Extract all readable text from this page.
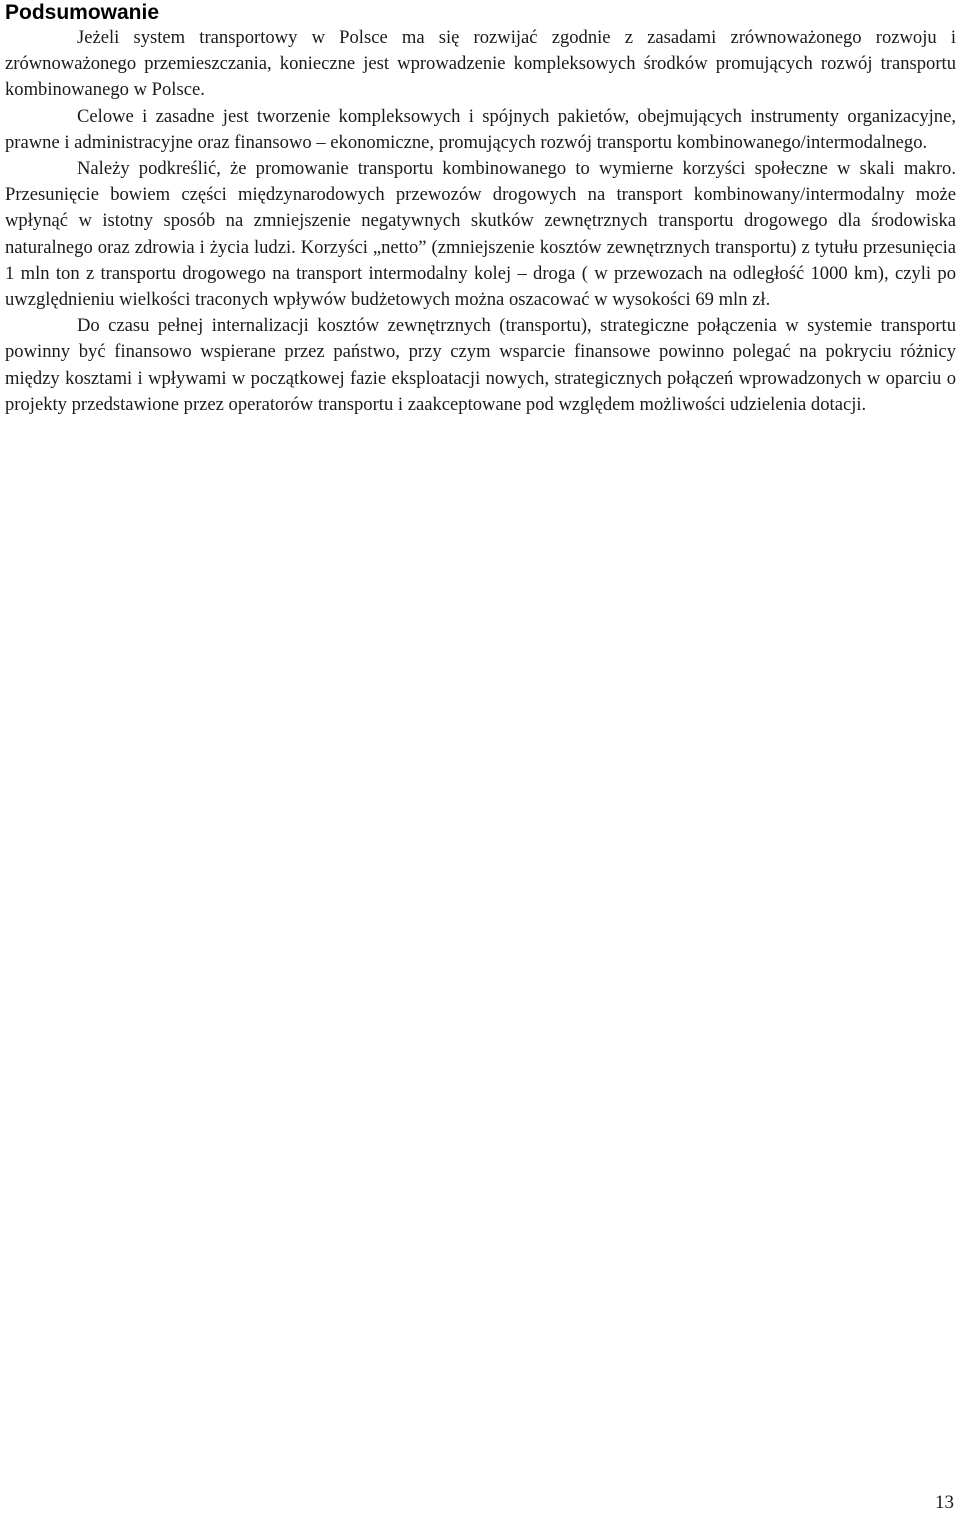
Podsumowanie

Jeżeli system transportowy w Polsce ma się rozwijać zgodnie z zasadami zrównoważonego rozwoju i zrównoważonego przemieszczania, konieczne jest wprowadzenie kompleksowych środków promujących rozwój transportu kombinowanego w Polsce.

Celowe i zasadne jest tworzenie kompleksowych i spójnych pakietów, obejmujących instrumenty organizacyjne, prawne i administracyjne oraz finansowo – ekonomiczne, promujących rozwój transportu kombinowanego/intermodalnego.

Należy podkreślić, że promowanie transportu kombinowanego to wymierne korzyści społeczne w skali makro. Przesunięcie bowiem części międzynarodowych przewozów drogowych na transport kombinowany/intermodalny może wpłynąć w istotny sposób na zmniejszenie negatywnych skutków zewnętrznych transportu drogowego dla środowiska naturalnego oraz zdrowia i życia ludzi. Korzyści „netto” (zmniejszenie kosztów zewnętrznych transportu) z tytułu przesunięcia 1 mln ton z transportu drogowego na transport intermodalny kolej – droga ( w przewozach na odległość 1000 km), czyli po uwzględnieniu wielkości traconych wpływów budżetowych można oszacować w wysokości 69 mln zł.

Do czasu pełnej internalizacji kosztów zewnętrznych (transportu), strategiczne połączenia w systemie transportu powinny być finansowo wspierane przez państwo, przy czym wsparcie finansowe powinno polegać na pokryciu różnicy między kosztami i wpływami w początkowej fazie eksploatacji nowych, strategicznych połączeń wprowadzonych w oparciu o projekty przedstawione przez operatorów transportu i zaakceptowane pod względem możliwości udzielenia dotacji.

13
